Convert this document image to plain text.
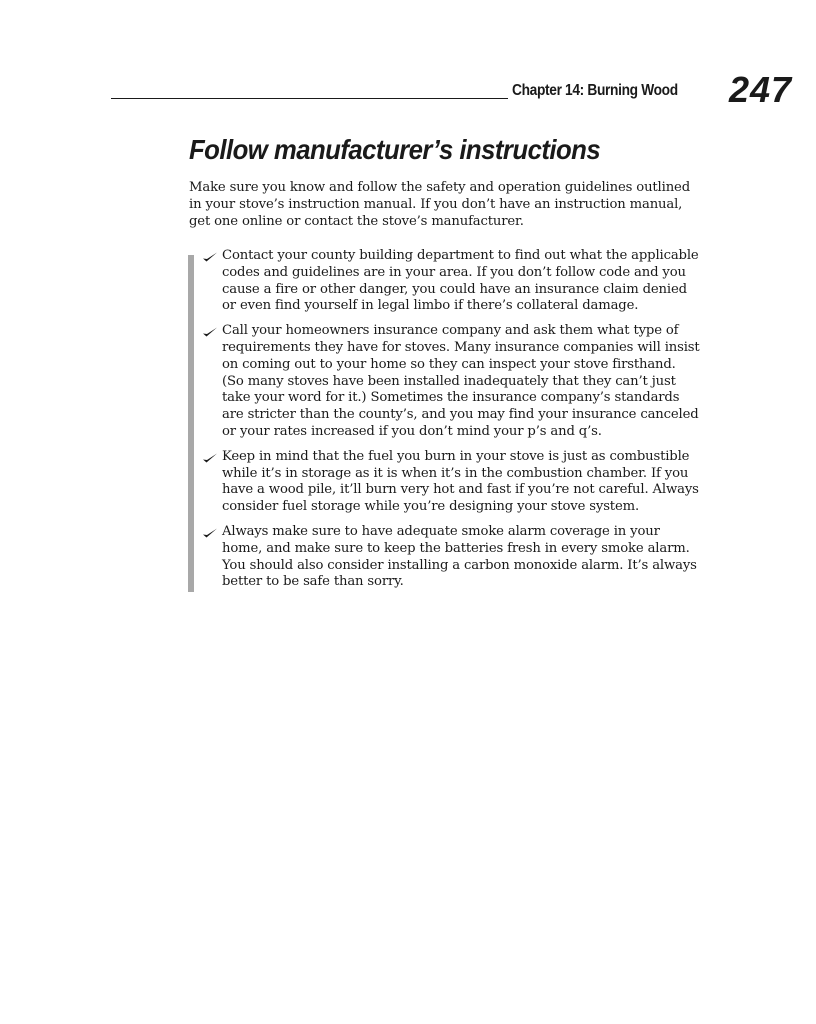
Chapter 14: Burning Wood 247
Follow manufacturer’s instructions

Make sure you know and follow the safety and operation guidelines outlined
in your stove’s instruction manual. If you don’t have an instruction manual,
get one online or contact the stove’s manufacturer.

Contact your county building department to find out what the applicable
codes and guidelines are in your area. If you don’t follow code and you
cause a fire or other danger, you could have an insurance claim denied
or even find yourself in legal limbo if there’s collateral damage.
Call your homeowners insurance company and ask them what type of
requirements they have for stoves. Many insurance companies will insist
on coming out to your home so they can inspect your stove firsthand.
(So many stoves have been installed inadequately that they can’t just
take your word for it.) Sometimes the insurance company’s standards
are stricter than the county’s, and you may find your insurance canceled
or your rates increased if you don’t mind your p’s and q’s.
Keep in mind that the fuel you burn in your stove is just as combustible
while it’s in storage as it is when it’s in the combustion chamber. If you
have a wood pile, it’ll burn very hot and fast if you’re not careful. Always
consider fuel storage while you’re designing your stove system.
Always make sure to have adequate smoke alarm coverage in your
home, and make sure to keep the batteries fresh in every smoke alarm.
You should also consider installing a carbon monoxide alarm. It’s always
better to be safe than sorry.
